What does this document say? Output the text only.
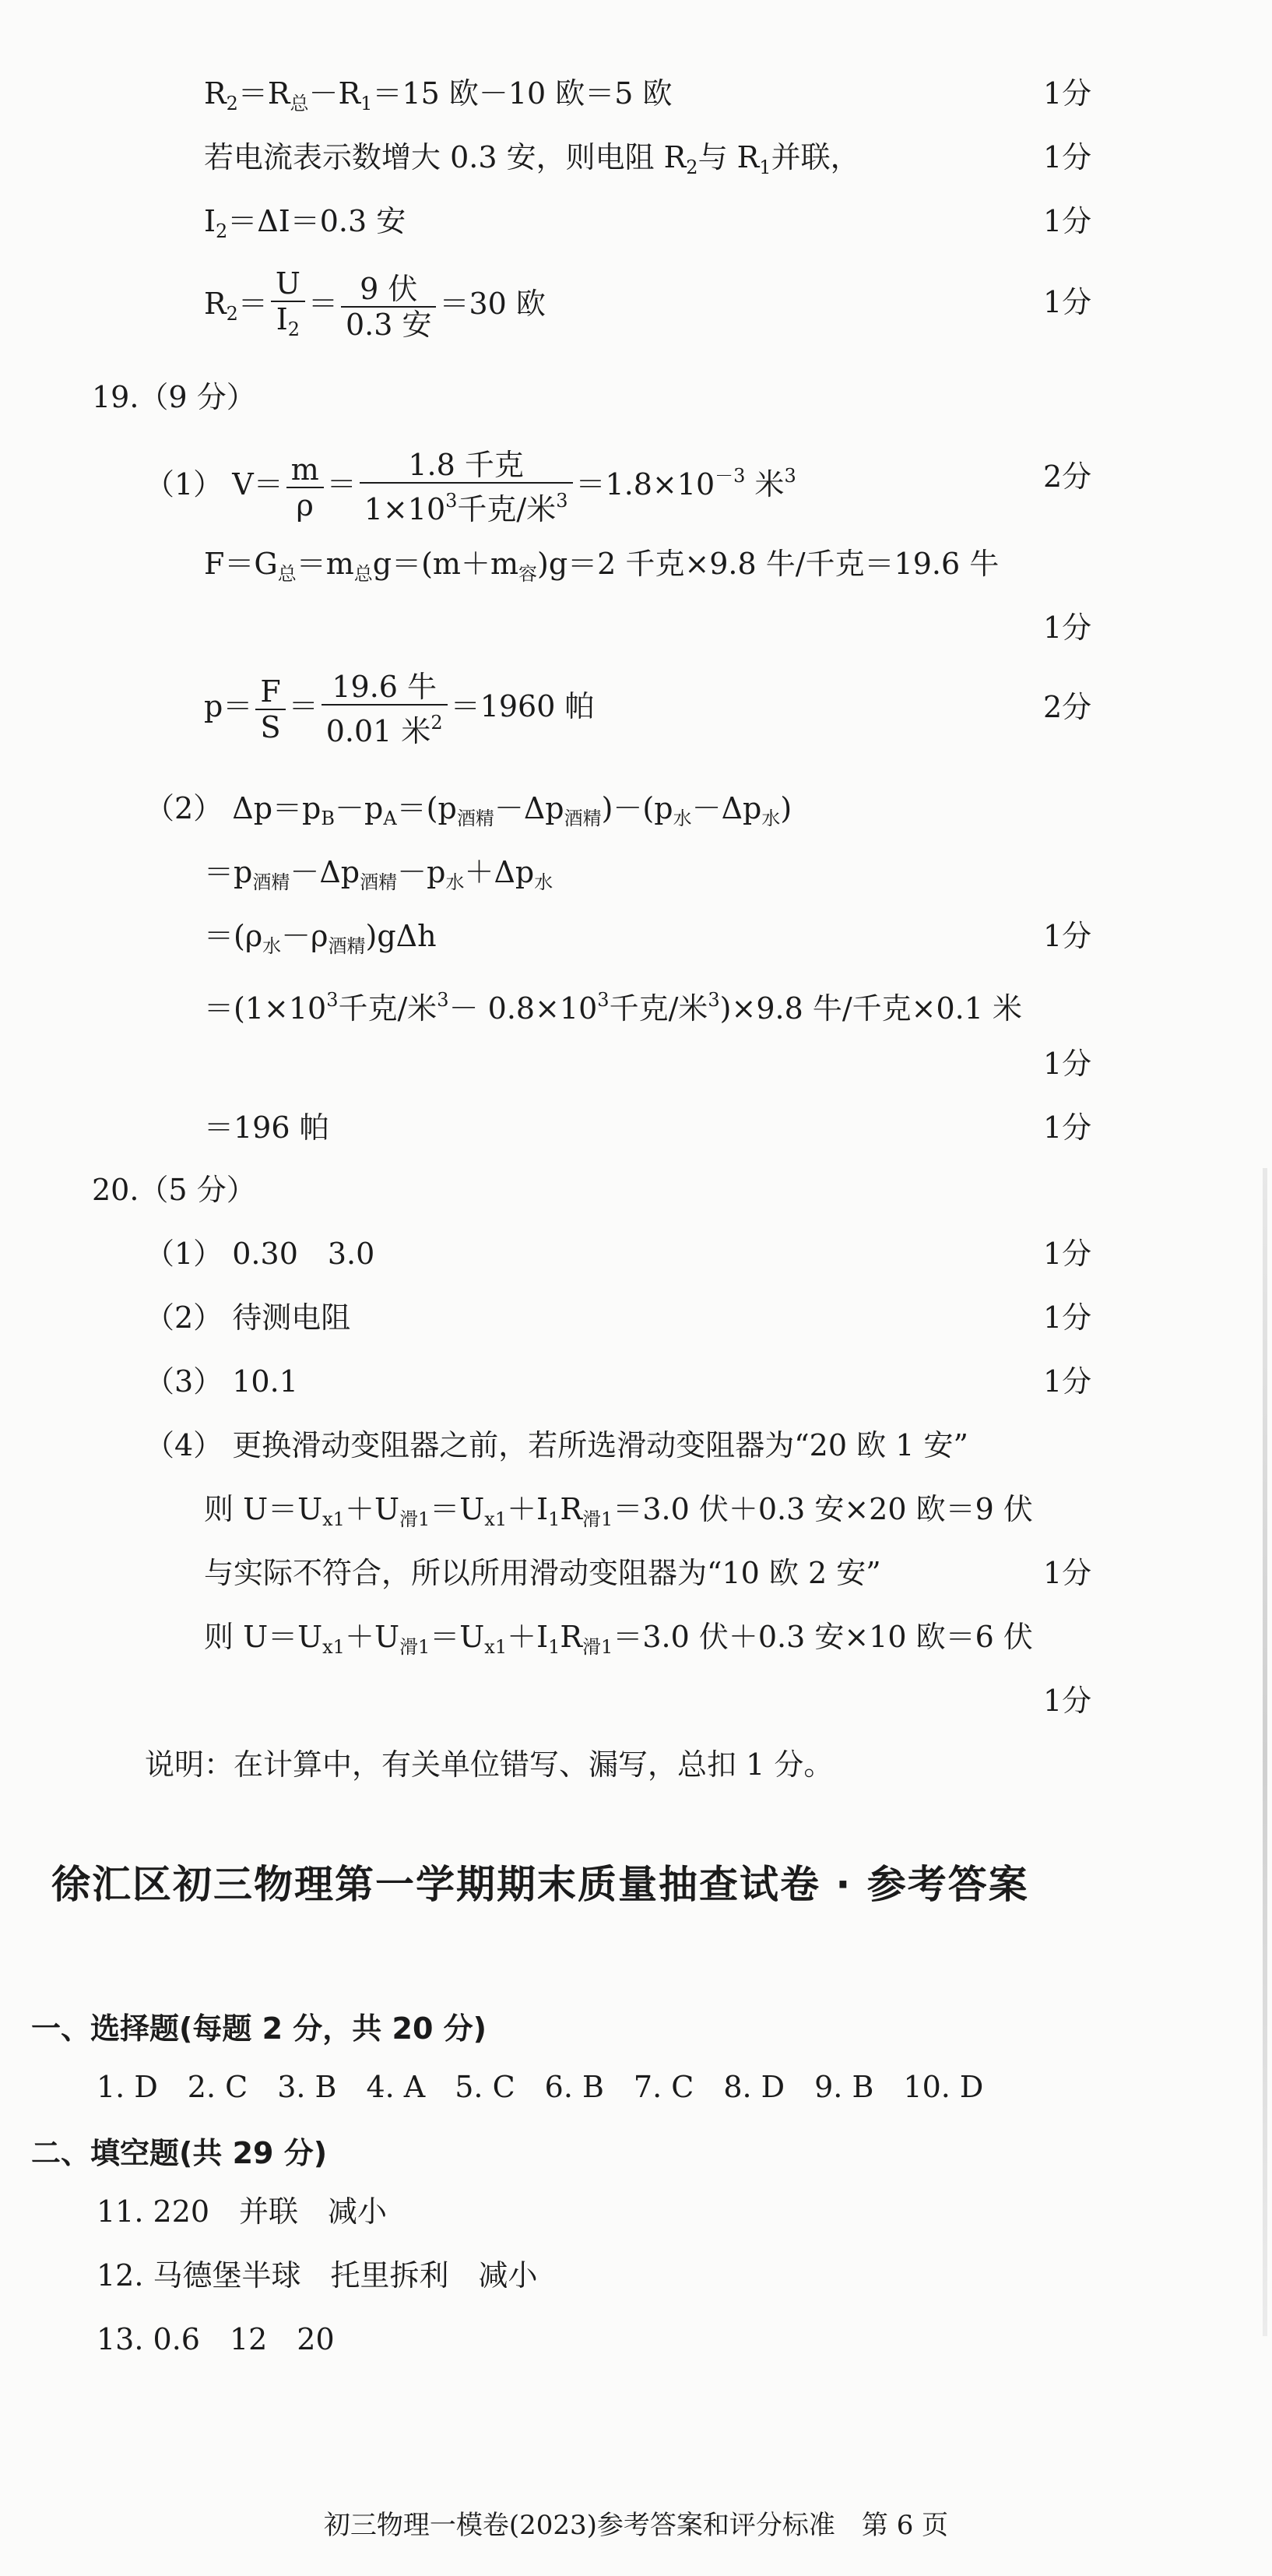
$R_2=R_总-R_1=15$ 欧－10 欧＝5 欧	1分
若电流表示数增大 0.3 安，则电阻 $R_2$与 $R_1$并联，	1分
$I_2=\Delta I=0.3$ 安	1分
$R_2= \frac{U}{I_2} = \frac{\text{9 伏}}{\text{0.3 安}} =30$ 欧	1分
19.（9 分）
（1） $V= \frac{m}{\rho} = \frac{\text{1.8 千克}}{1\times 10^3千克/米^3} =1.8\times 10^{-3}$ 米$^3$	2分
$F=G_总=m_总g=(m+m_容)g=2$ 千克×9.8 牛/千克＝19.6 牛
1分
$p= \frac{F}{S} = \frac{\text{19.6 牛}}{0.01 米^2} =1960$ 帕	2分
（2） $\Delta p=p_B-p_A=(p_{酒精}-\Delta p_{酒精})-(p_水-\Delta p_水)$
$=p_{酒精}-\Delta p_{酒精}-p_水+\Delta p_水$
$=(\rho_水-\rho_{酒精})g\Delta h$	1分
$=(1\times 10^3$千克/米$^3- 0.8\times 10^3$千克/米$^3$)×9.8 牛/千克×0.1 米
1分
＝196 帕	1分
20.（5 分）
（1） 0.30　3.0	1分
（2） 待测电阻	1分
（3） 10.1	1分
（4） 更换滑动变阻器之前，若所选滑动变阻器为“20 欧 1 安”
则 $U=U_{x1}+U_{滑1}=U_{x1}+I_1R_{滑1}=3.0$ 伏＋0.3 安×20 欧＝9 伏
与实际不符合，所以所用滑动变阻器为“10 欧 2 安”	1分
则 $U=U_{x1}+U_{滑1}=U_{x1}+I_1R_{滑1}=3.0$ 伏＋0.3 安×10 欧＝6 伏
1分
说明：在计算中，有关单位错写、漏写，总扣 1 分。
徐汇区初三物理第一学期期末质量抽查试卷 · 参考答案
一、选择题(每题 2 分，共 20 分)
1. D　2. C　3. B　4. A　5. C　6. B　7. C　8. D　9. B　10. D
二、填空题(共 29 分)
11. 220　并联　减小
12. 马德堡半球　托里拆利　减小
13. 0.6　12　20
初三物理一模卷(2023)参考答案和评分标准　第 6 页
